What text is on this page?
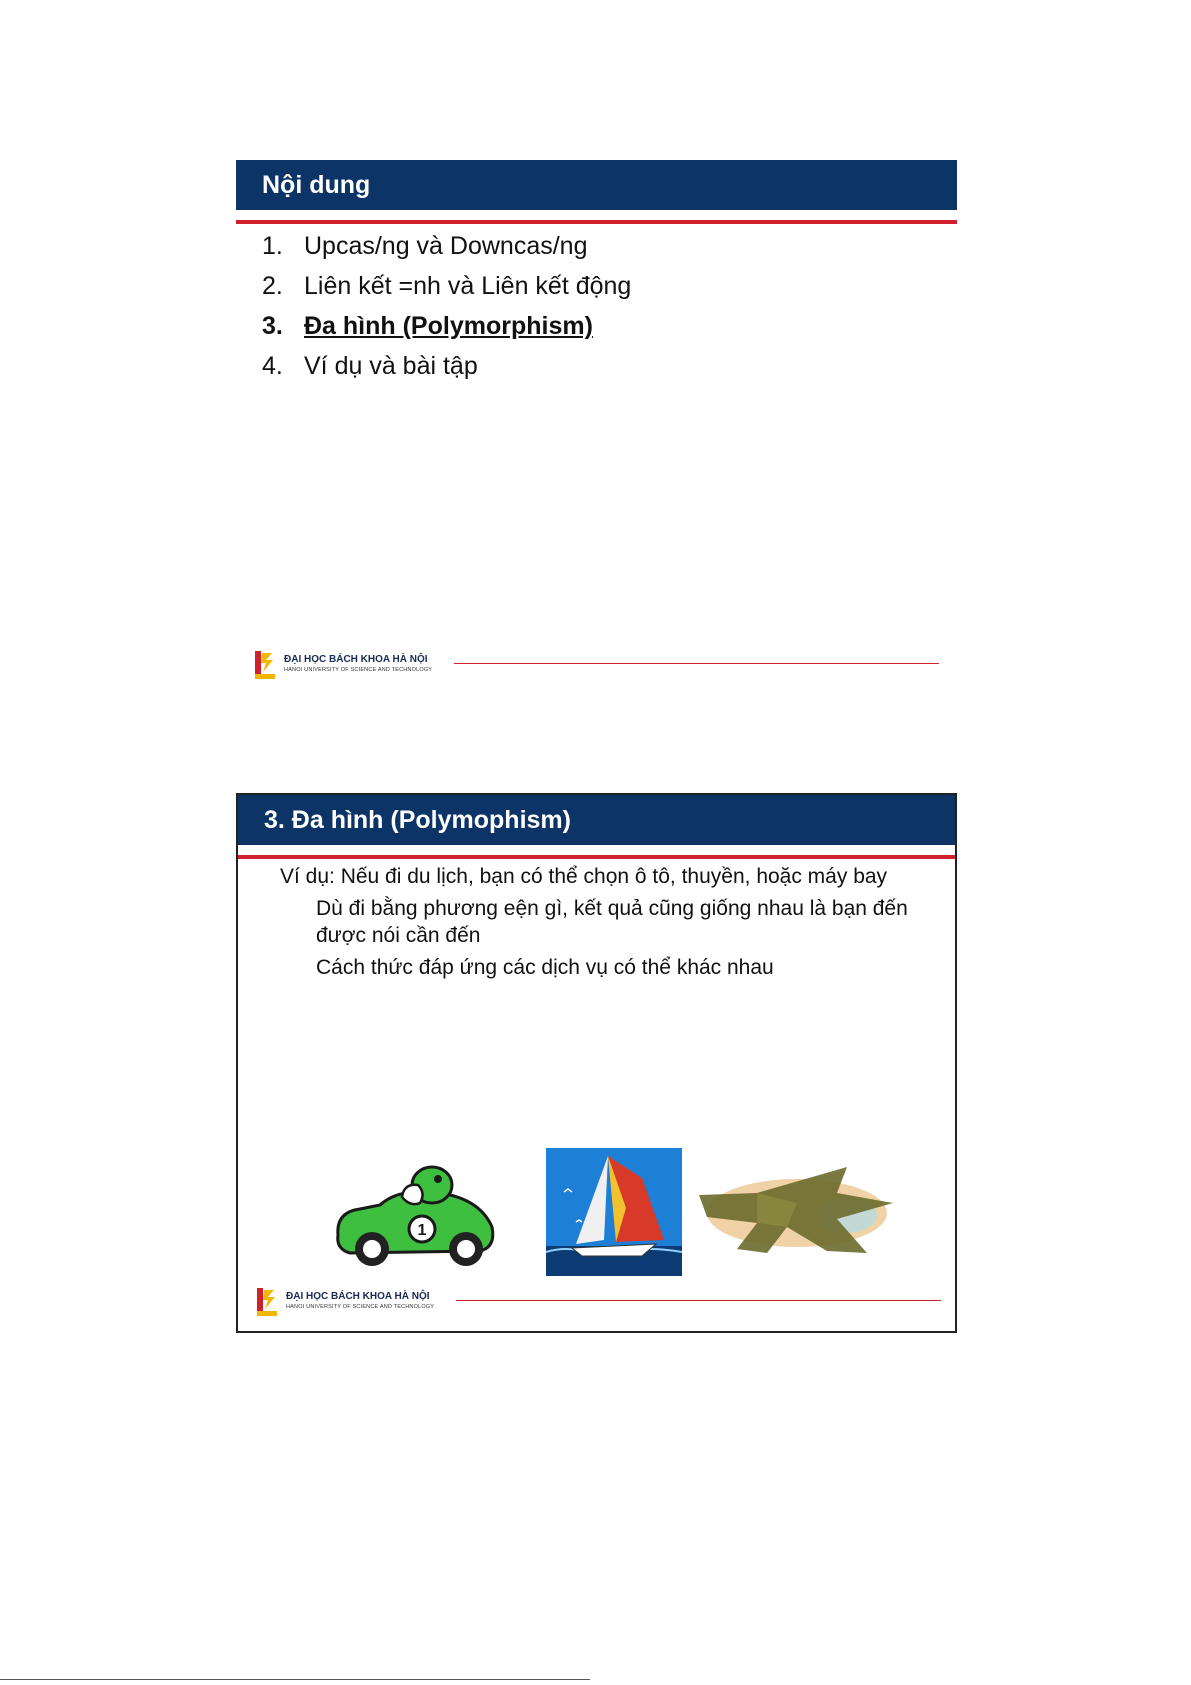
Nội dung
1. Upcas/ng và Downcas/ng
2. Liên kết =nh và Liên kết động
3. Đa hình (Polymorphism)
4. Ví dụ và bài tập
ĐẠI HỌC BÁCH KHOA HÀ NỘI
HANOI UNIVERSITY OF SCIENCE AND TECHNOLOGY
3. Đa hình (Polymophism)

Ví dụ: Nếu đi du lịch, bạn có thể chọn ô tô, thuyền, hoặc máy bay

Dù đi bằng phương eện gì, kết quả cũng giống nhau là bạn đến được nói cần đến

Cách thức đáp ứng các dịch vụ có thể khác nhau

1
ĐẠI HỌC BÁCH KHOA HÀ NỘI
HANOI UNIVERSITY OF SCIENCE AND TECHNOLOGY
